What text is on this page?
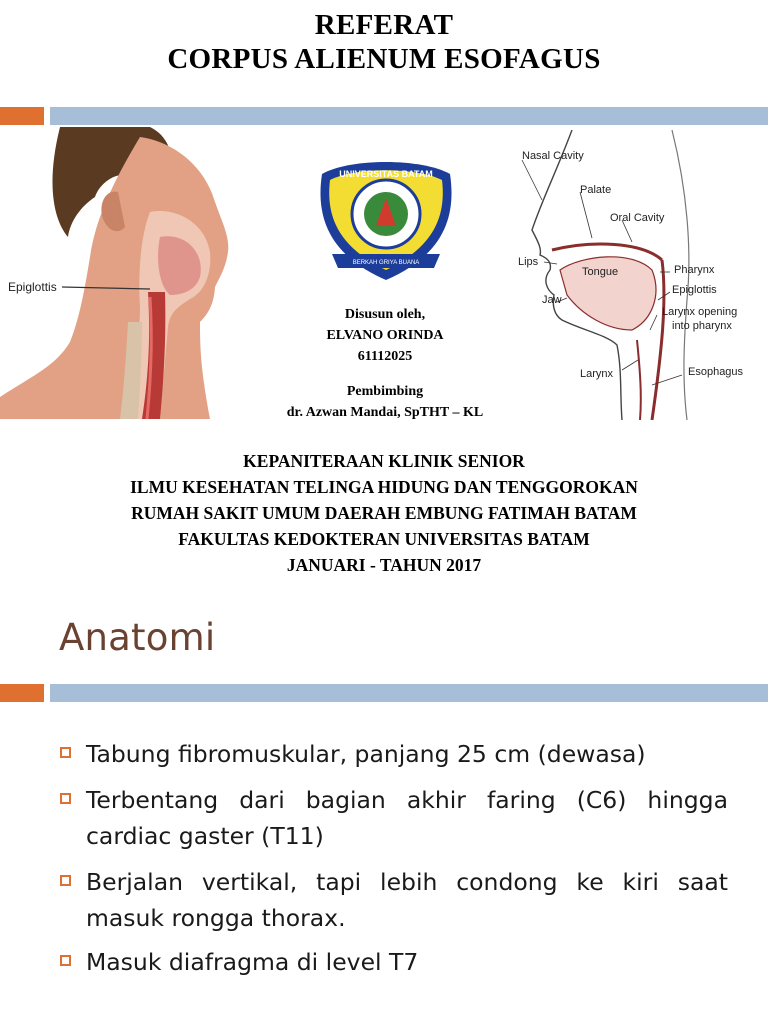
REFERAT
CORPUS ALIENUM ESOFAGUS
Epiglottis
BERKAH GRIYA BUANA
UNIVERSITAS BATAM
Disusun oleh,
ELVANO ORINDA
61112025
Pembimbing
dr. Azwan Mandai, SpTHT – KL
Nasal Cavity
Palate
Oral Cavity
Lips
Tongue
Jaw
Pharynx
Epiglottis
Larynx opening
into pharynx
Larynx	Esophagus
KEPANITERAAN KLINIK SENIOR
ILMU KESEHATAN TELINGA HIDUNG DAN TENGGOROKAN
RUMAH SAKIT UMUM DAERAH EMBUNG FATIMAH BATAM
FAKULTAS KEDOKTERAN UNIVERSITAS BATAM
JANUARI - TAHUN 2017
Anatomi
Tabung fibromuskular, panjang 25 cm (dewasa)
Terbentang dari bagian akhir faring (C6) hingga cardiac gaster (T11)
Berjalan vertikal, tapi lebih condong ke kiri saat masuk rongga thorax.
Masuk diafragma di level T7
